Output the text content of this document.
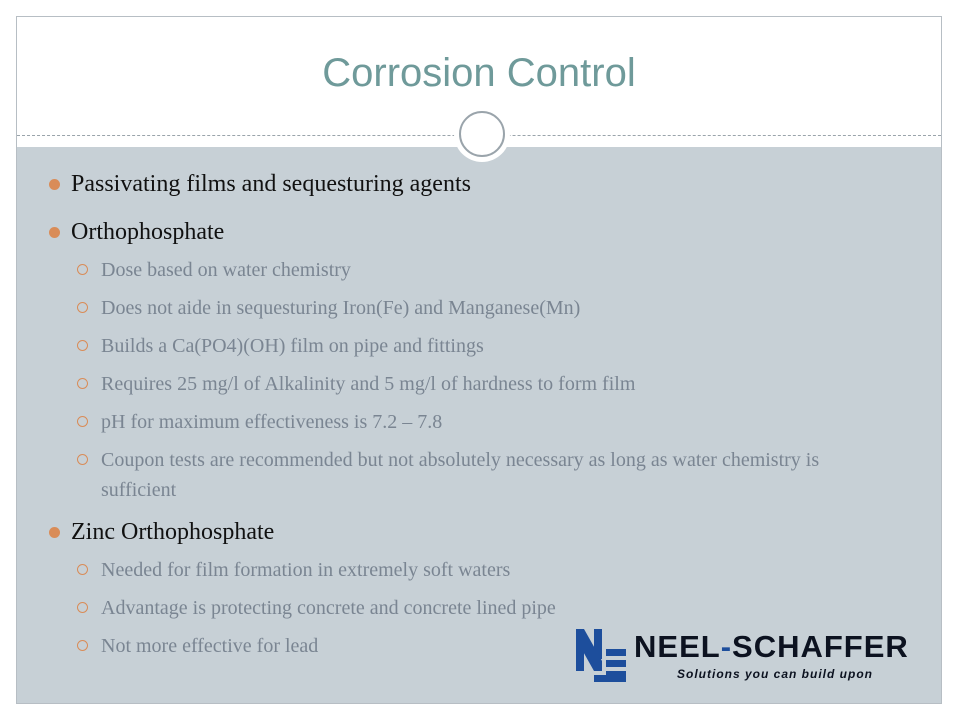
Corrosion Control
Passivating films and sequesturing agents
Orthophosphate
Dose based on water chemistry
Does not aide in sequesturing Iron(Fe) and Manganese(Mn)
Builds a Ca(PO4)(OH) film on pipe and fittings
Requires 25 mg/l of Alkalinity and 5 mg/l of hardness to form film
pH for maximum effectiveness is 7.2 – 7.8
Coupon tests are recommended but not absolutely necessary as long as water chemistry is sufficient
Zinc Orthophosphate
Needed for film formation in extremely soft waters
Advantage is protecting concrete and concrete lined pipe
Not more effective for lead	NEEL-SCHAFFER
Solutions you can build upon
